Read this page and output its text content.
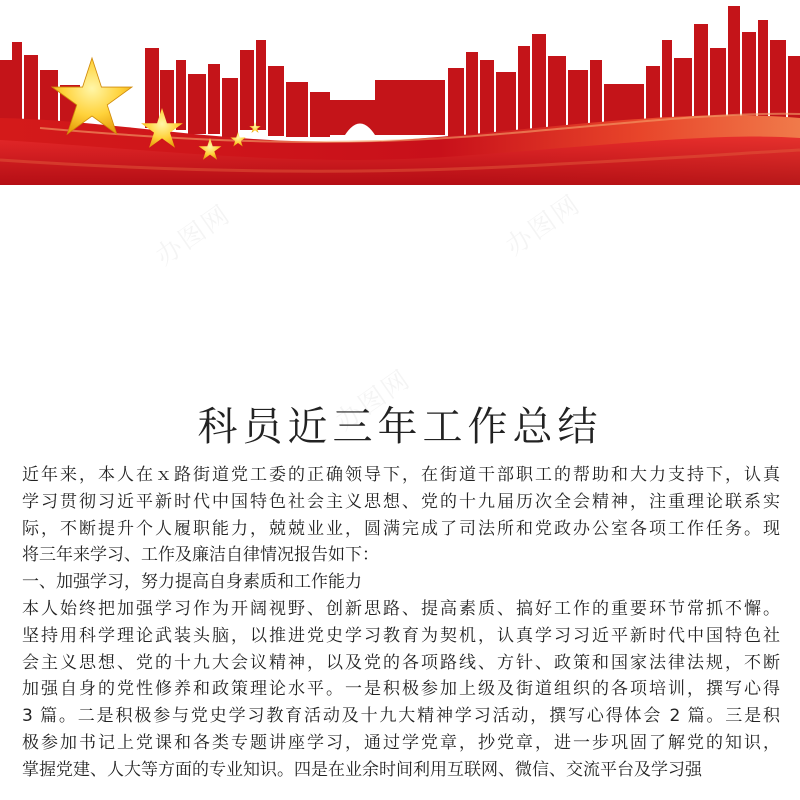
科员近三年工作总结
近年来，本人在ｘ路街道党工委的正确领导下，在街道干部职工的帮助和大力支持下，认真
学习贯彻习近平新时代中国特色社会主义思想、党的十九届历次全会精神，注重理论联系实
际，不断提升个人履职能力，兢兢业业，圆满完成了司法所和党政办公室各项工作任务。现
将三年来学习、工作及廉洁自律情况报告如下：
一、加强学习，努力提高自身素质和工作能力
本人始终把加强学习作为开阔视野、创新思路、提高素质、搞好工作的重要环节常抓不懈。
坚持用科学理论武装头脑，以推进党史学习教育为契机，认真学习习近平新时代中国特色社
会主义思想、党的十九大会议精神，以及党的各项路线、方针、政策和国家法律法规，不断
加强自身的党性修养和政策理论水平。一是积极参加上级及街道组织的各项培训，撰写心得
3 篇。二是积极参与党史学习教育活动及十九大精神学习活动，撰写心得体会 2 篇。三是积
极参加书记上党课和各类专题讲座学习，通过学党章，抄党章，进一步巩固了解党的知识，
掌握党建、人大等方面的专业知识。四是在业余时间利用互联网、微信、交流平台及学习强
